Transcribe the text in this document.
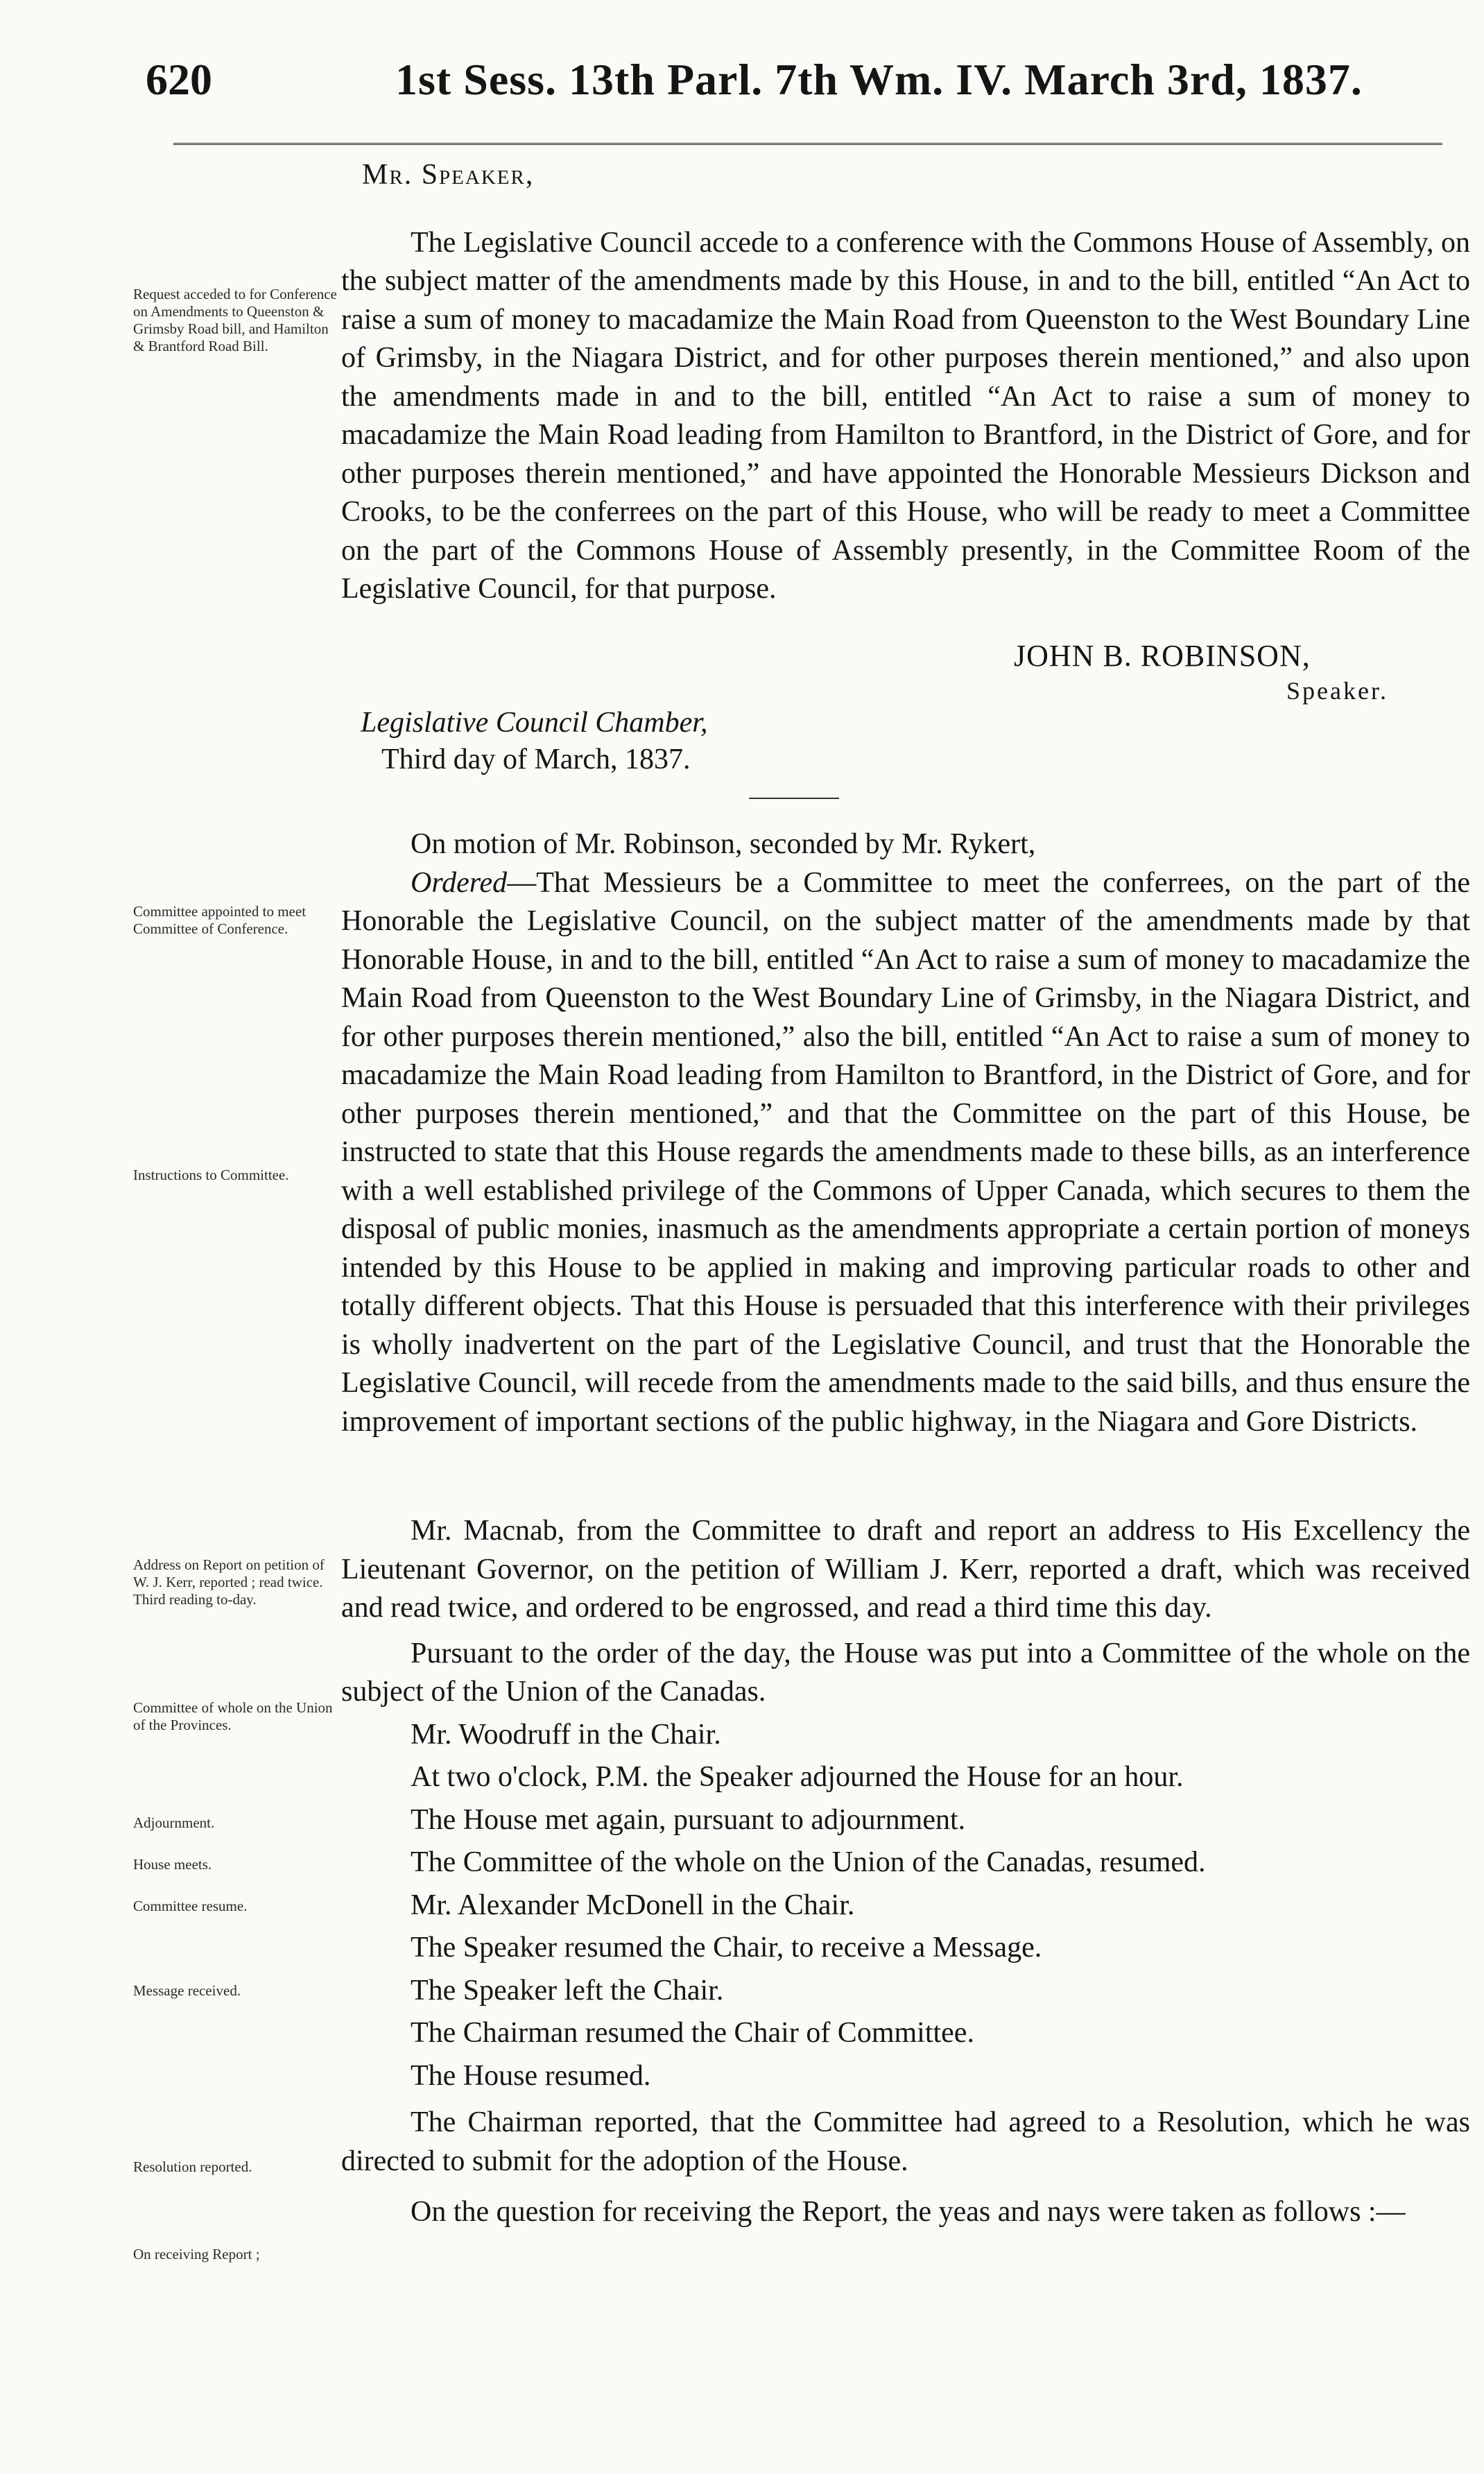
620	1st Sess. 13th Parl. 7th Wm. IV. March 3rd, 1837.

Mr. Speaker,

The Legislative Council accede to a conference with the Commons House of Assembly, on the subject matter of the amendments made by this House, in and to the bill, entitled “An Act to raise a sum of money to macadamize the Main Road from Queenston to the West Boundary Line of Grimsby, in the Niagara District, and for other purposes therein mentioned,” and also upon the amendments made in and to the bill, entitled “An Act to raise a sum of money to macadamize the Main Road leading from Hamilton to Brantford, in the District of Gore, and for other purposes therein mentioned,” and have appointed the Honorable Messieurs Dickson and Crooks, to be the conferrees on the part of this House, who will be ready to meet a Committee on the part of the Commons House of Assembly presently, in the Committee Room of the Legislative Council, for that purpose.

JOHN B. ROBINSON,
Speaker.
Legislative Council Chamber,
Third day of March, 1837.

On motion of Mr. Robinson, seconded by Mr. Rykert,

Ordered—That Messieurs be a Committee to meet the conferrees, on the part of the Honorable the Legislative Council, on the subject matter of the amendments made by that Honorable House, in and to the bill, entitled “An Act to raise a sum of money to macadamize the Main Road from Queenston to the West Boundary Line of Grimsby, in the Niagara District, and for other purposes therein mentioned,” also the bill, entitled “An Act to raise a sum of money to macadamize the Main Road leading from Hamilton to Brantford, in the District of Gore, and for other purposes therein mentioned,” and that the Committee on the part of this House, be instructed to state that this House regards the amendments made to these bills, as an interference with a well established privilege of the Commons of Upper Canada, which secures to them the disposal of public monies, inasmuch as the amendments appropriate a certain portion of moneys intended by this House to be applied in making and improving particular roads to other and totally different objects. That this House is persuaded that this interference with their privileges is wholly inadvertent on the part of the Legislative Council, and trust that the Honorable the Legislative Council, will recede from the amendments made to the said bills, and thus ensure the improvement of important sections of the public highway, in the Niagara and Gore Districts.

Mr. Macnab, from the Committee to draft and report an address to His Excellency the Lieutenant Governor, on the petition of William J. Kerr, reported a draft, which was received and read twice, and ordered to be engrossed, and read a third time this day.

Pursuant to the order of the day, the House was put into a Committee of the whole on the subject of the Union of the Canadas.

Mr. Woodruff in the Chair.

At two o'clock, P.M. the Speaker adjourned the House for an hour.

The House met again, pursuant to adjournment.

The Committee of the whole on the Union of the Canadas, resumed.

Mr. Alexander McDonell in the Chair.

The Speaker resumed the Chair, to receive a Message.

The Speaker left the Chair.

The Chairman resumed the Chair of Committee.

The House resumed.

The Chairman reported, that the Committee had agreed to a Resolution, which he was directed to submit for the adoption of the House.

On the question for receiving the Report, the yeas and nays were taken as follows :—

Request acceded to for Conference on Amendments to Queenston & Grimsby Road bill, and Hamilton & Brantford Road Bill.
Committee appointed to meet Committee of Conference.
Instructions to Committee.
Address on Report on petition of W. J. Kerr, reported ; read twice. Third reading to-day.
Committee of whole on the Union of the Provinces.
Adjournment.
House meets.
Committee resume.
Message received.
Resolution reported.
On receiving Report ;
